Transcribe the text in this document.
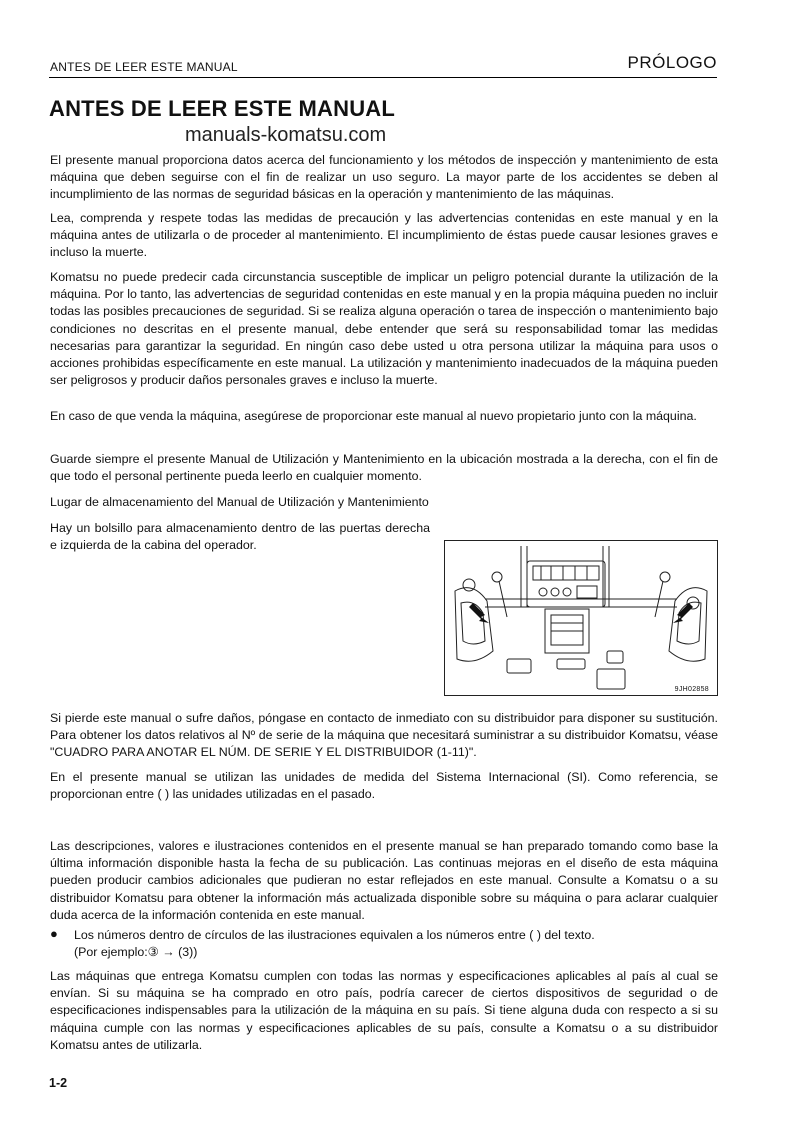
ANTES DE LEER ESTE MANUAL	PRÓLOGO
ANTES DE LEER ESTE MANUAL
manuals-komatsu.com

El presente manual proporciona datos acerca del funcionamiento y los métodos de inspección y mantenimiento de esta máquina que deben seguirse con el fin de realizar un uso seguro. La mayor parte de los accidentes se deben al incumplimiento de las normas de seguridad básicas en la operación y mantenimiento de las máquinas.

Lea, comprenda y respete todas las medidas de precaución y las advertencias contenidas en este manual y en la máquina antes de utilizarla o de proceder al mantenimiento. El incumplimiento de éstas puede causar lesiones graves e incluso la muerte.

Komatsu no puede predecir cada circunstancia susceptible de implicar un peligro potencial durante la utilización de la máquina. Por lo tanto, las advertencias de seguridad contenidas en este manual y en la propia máquina pueden no incluir todas las posibles precauciones de seguridad. Si se realiza alguna operación o tarea de inspección o mantenimiento bajo condiciones no descritas en el presente manual, debe entender que será su responsabilidad tomar las medidas necesarias para garantizar la seguridad. En ningún caso debe usted u otra persona utilizar la máquina para usos o acciones prohibidas específicamente en este manual. La utilización y mantenimiento inadecuados de la máquina pueden ser peligrosos y producir daños personales graves e incluso la muerte.

En caso de que venda la máquina, asegúrese de proporcionar este manual al nuevo propietario junto con la máquina.

Guarde siempre el presente Manual de Utilización y Mantenimiento en la ubicación mostrada a la derecha, con el fin de que todo el personal pertinente pueda leerlo en cualquier momento.

Lugar de almacenamiento del Manual de Utilización y Mantenimiento

Hay un bolsillo para almacenamiento dentro de las puertas derecha e izquierda de la cabina del operador.

9JH02858

Si pierde este manual o sufre daños, póngase en contacto de inmediato con su distribuidor para disponer su sustitución. Para obtener los datos relativos al Nº de serie de la máquina que necesitará suministrar a su distribuidor Komatsu, véase "CUADRO PARA ANOTAR EL NÚM. DE SERIE Y EL DISTRIBUIDOR (1-11)".

En el presente manual se utilizan las unidades de medida del Sistema Internacional (SI). Como referencia, se proporcionan entre ( ) las unidades utilizadas en el pasado.

Las descripciones, valores e ilustraciones contenidos en el presente manual se han preparado tomando como base la última información disponible hasta la fecha de su publicación. Las continuas mejoras en el diseño de esta máquina pueden producir cambios adicionales que pudieran no estar reflejados en este manual. Consulte a Komatsu o a su distribuidor Komatsu para obtener la información más actualizada disponible sobre su máquina o para aclarar cualquier duda acerca de la información contenida en este manual.

● Los números dentro de círculos de las ilustraciones equivalen a los números entre ( ) del texto.
(Por ejemplo:③ → (3))

Las máquinas que entrega Komatsu cumplen con todas las normas y especificaciones aplicables al país al cual se envían. Si su máquina se ha comprado en otro país, podría carecer de ciertos dispositivos de seguridad o de especificaciones indispensables para la utilización de la máquina en su país. Si tiene alguna duda con respecto a si su máquina cumple con las normas y especificaciones aplicables de su país, consulte a Komatsu o a su distribuidor Komatsu antes de utilizarla.

1-2
